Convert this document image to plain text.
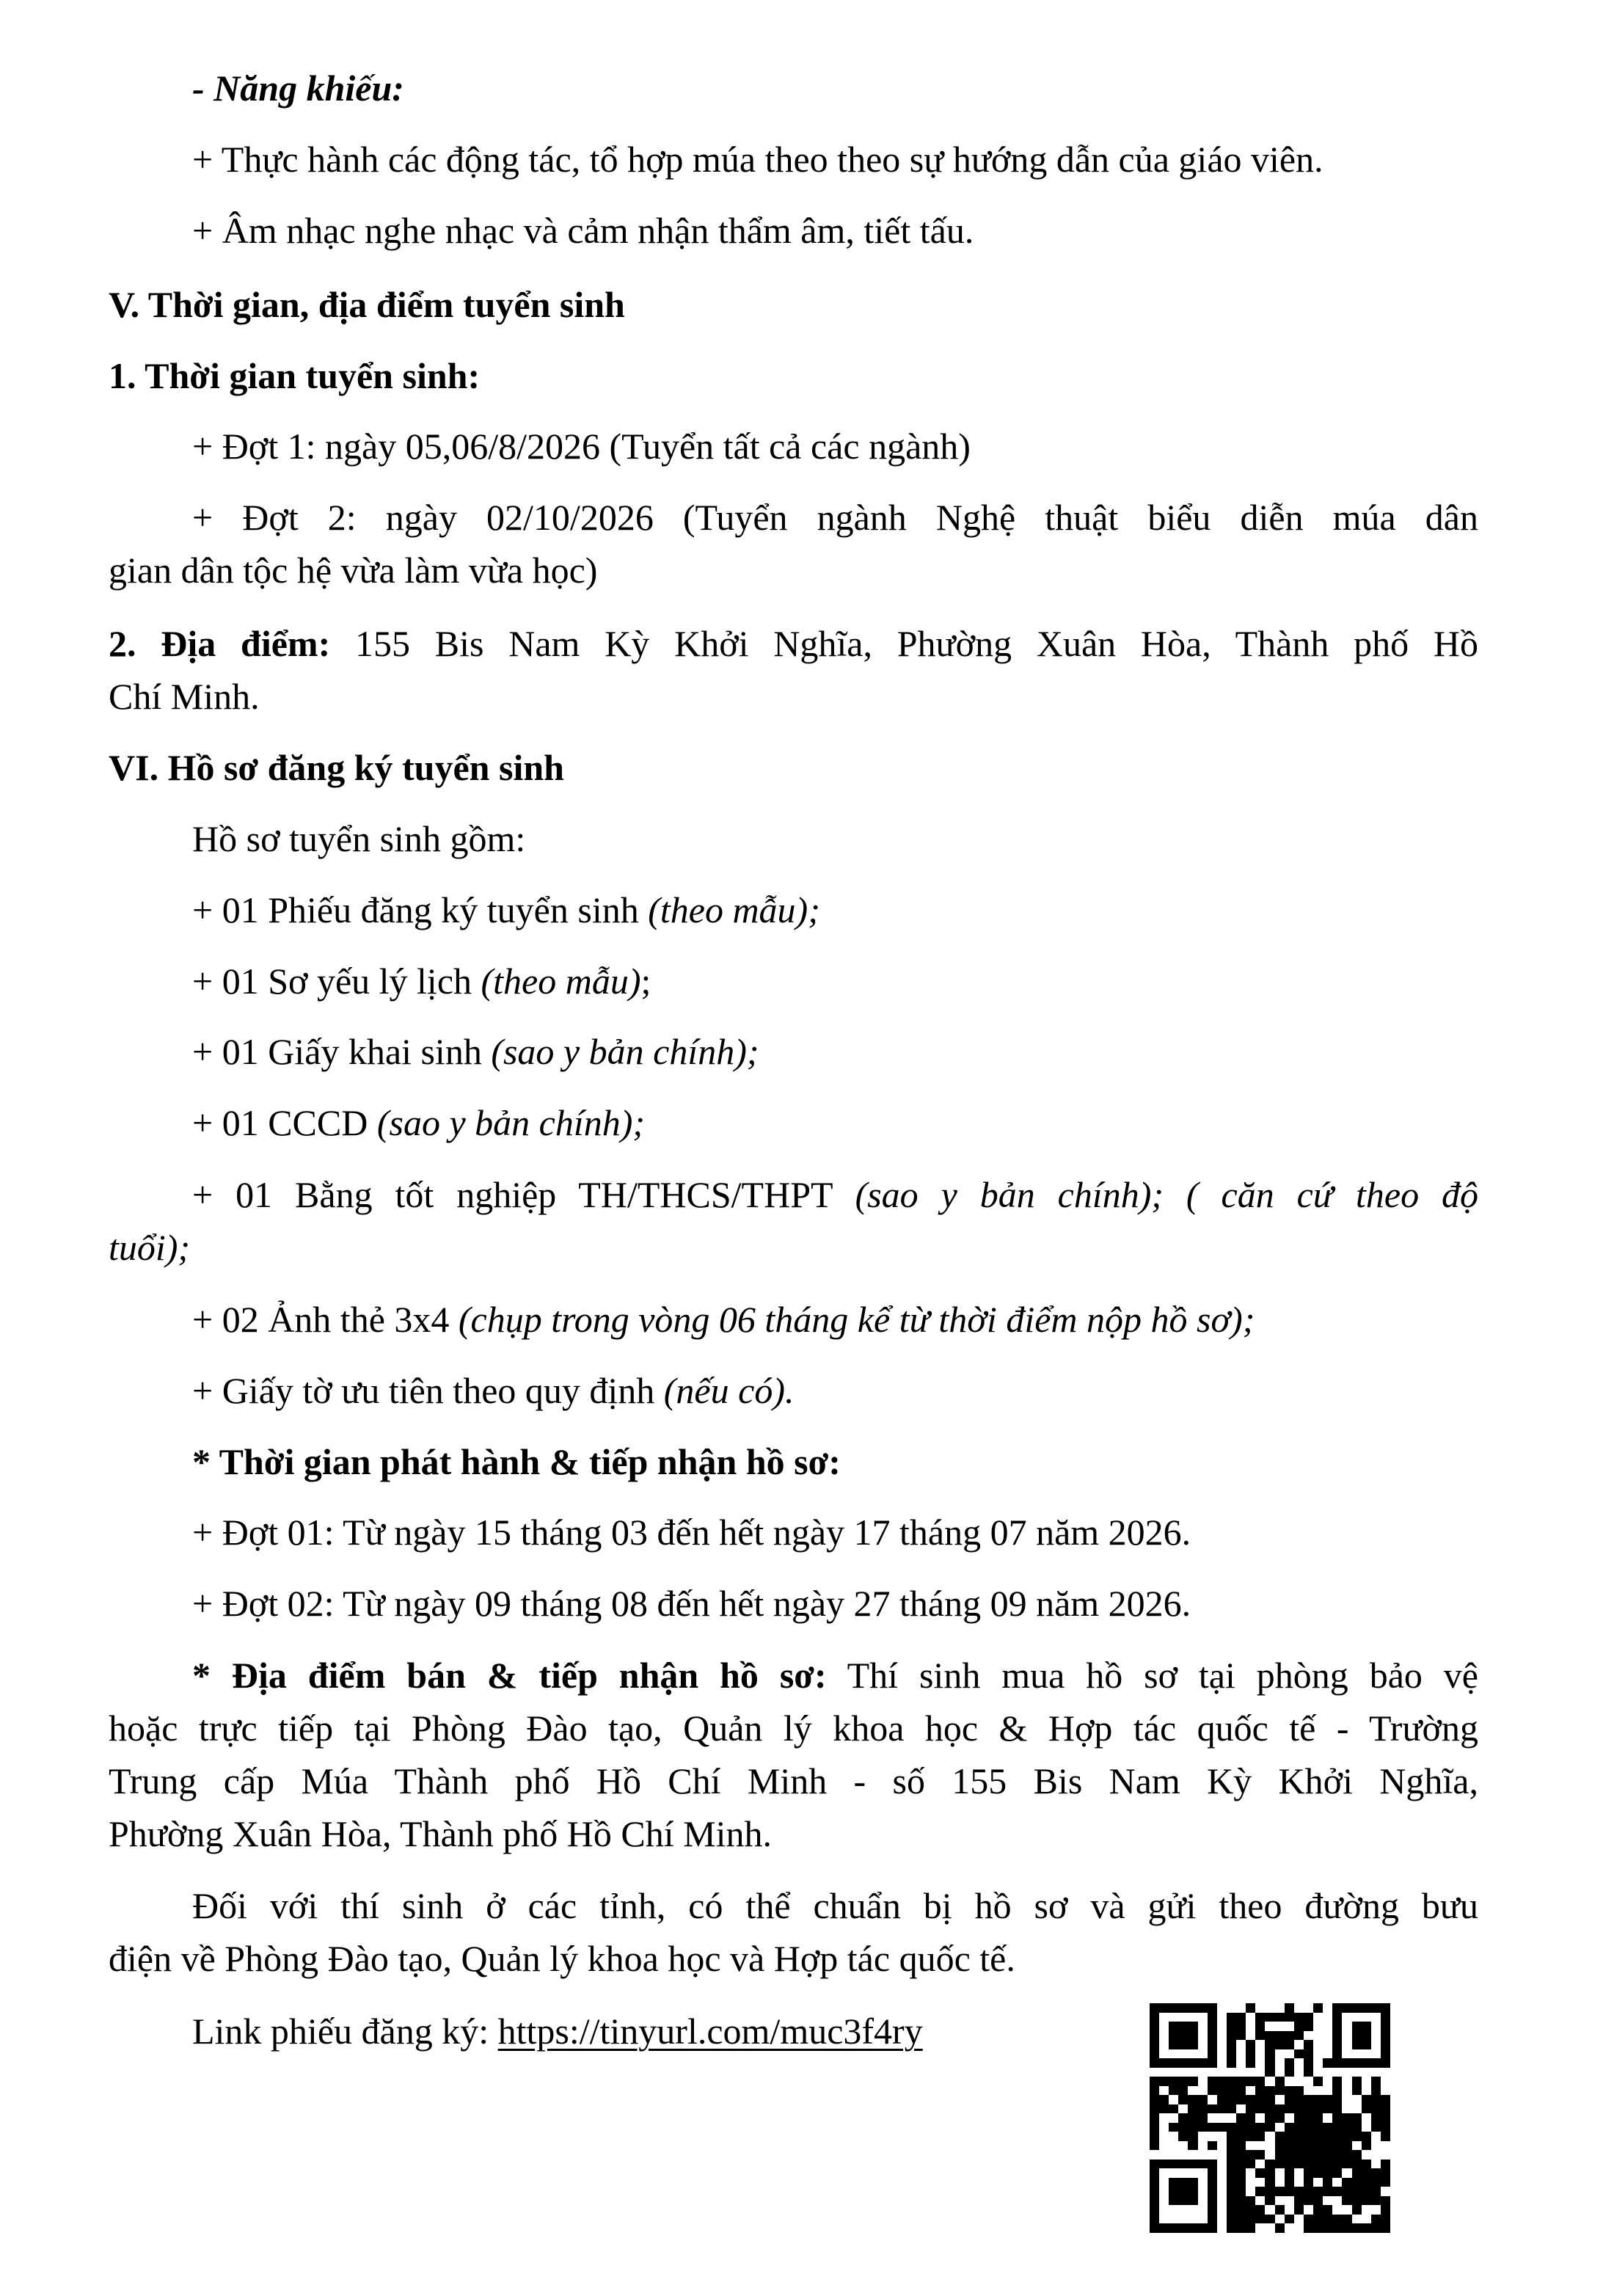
- Năng khiếu:
+ Thực hành các động tác, tổ hợp múa theo theo sự hướng dẫn của giáo viên.
+ Âm nhạc nghe nhạc và cảm nhận thẩm âm, tiết tấu.
V. Thời gian, địa điểm tuyển sinh
1. Thời gian tuyển sinh:
+ Đợt 1: ngày 05,06/8/2026 (Tuyển tất cả các ngành)
+ Đợt 2: ngày 02/10/2026 (Tuyển ngành Nghệ thuật biểu diễn múa dân
gian dân tộc hệ vừa làm vừa học)
2. Địa điểm: 155 Bis Nam Kỳ Khởi Nghĩa, Phường Xuân Hòa, Thành phố Hồ
Chí Minh.
VI. Hồ sơ đăng ký tuyển sinh
Hồ sơ tuyển sinh gồm:
+ 01 Phiếu đăng ký tuyển sinh (theo mẫu);
+ 01 Sơ yếu lý lịch (theo mẫu);
+ 01 Giấy khai sinh (sao y bản chính);
+ 01 CCCD (sao y bản chính);
+ 01 Bằng tốt nghiệp TH/THCS/THPT (sao y bản chính); ( căn cứ theo độ
tuổi);
+ 02 Ảnh thẻ 3x4 (chụp trong vòng 06 tháng kể từ thời điểm nộp hồ sơ);
+ Giấy tờ ưu tiên theo quy định (nếu có).
* Thời gian phát hành & tiếp nhận hồ sơ:
+ Đợt 01: Từ ngày 15 tháng 03 đến hết ngày 17 tháng 07 năm 2026.
+ Đợt 02: Từ ngày 09 tháng 08 đến hết ngày 27 tháng 09 năm 2026.
* Địa điểm bán & tiếp nhận hồ sơ: Thí sinh mua hồ sơ tại phòng bảo vệ
hoặc trực tiếp tại Phòng Đào tạo, Quản lý khoa học & Hợp tác quốc tế - Trường
Trung cấp Múa Thành phố Hồ Chí Minh - số 155 Bis Nam Kỳ Khởi Nghĩa,
Phường Xuân Hòa, Thành phố Hồ Chí Minh.
Đối với thí sinh ở các tỉnh, có thể chuẩn bị hồ sơ và gửi theo đường bưu
điện về Phòng Đào tạo, Quản lý khoa học và Hợp tác quốc tế.
Link phiếu đăng ký: https://tinyurl.com/muc3f4ry
